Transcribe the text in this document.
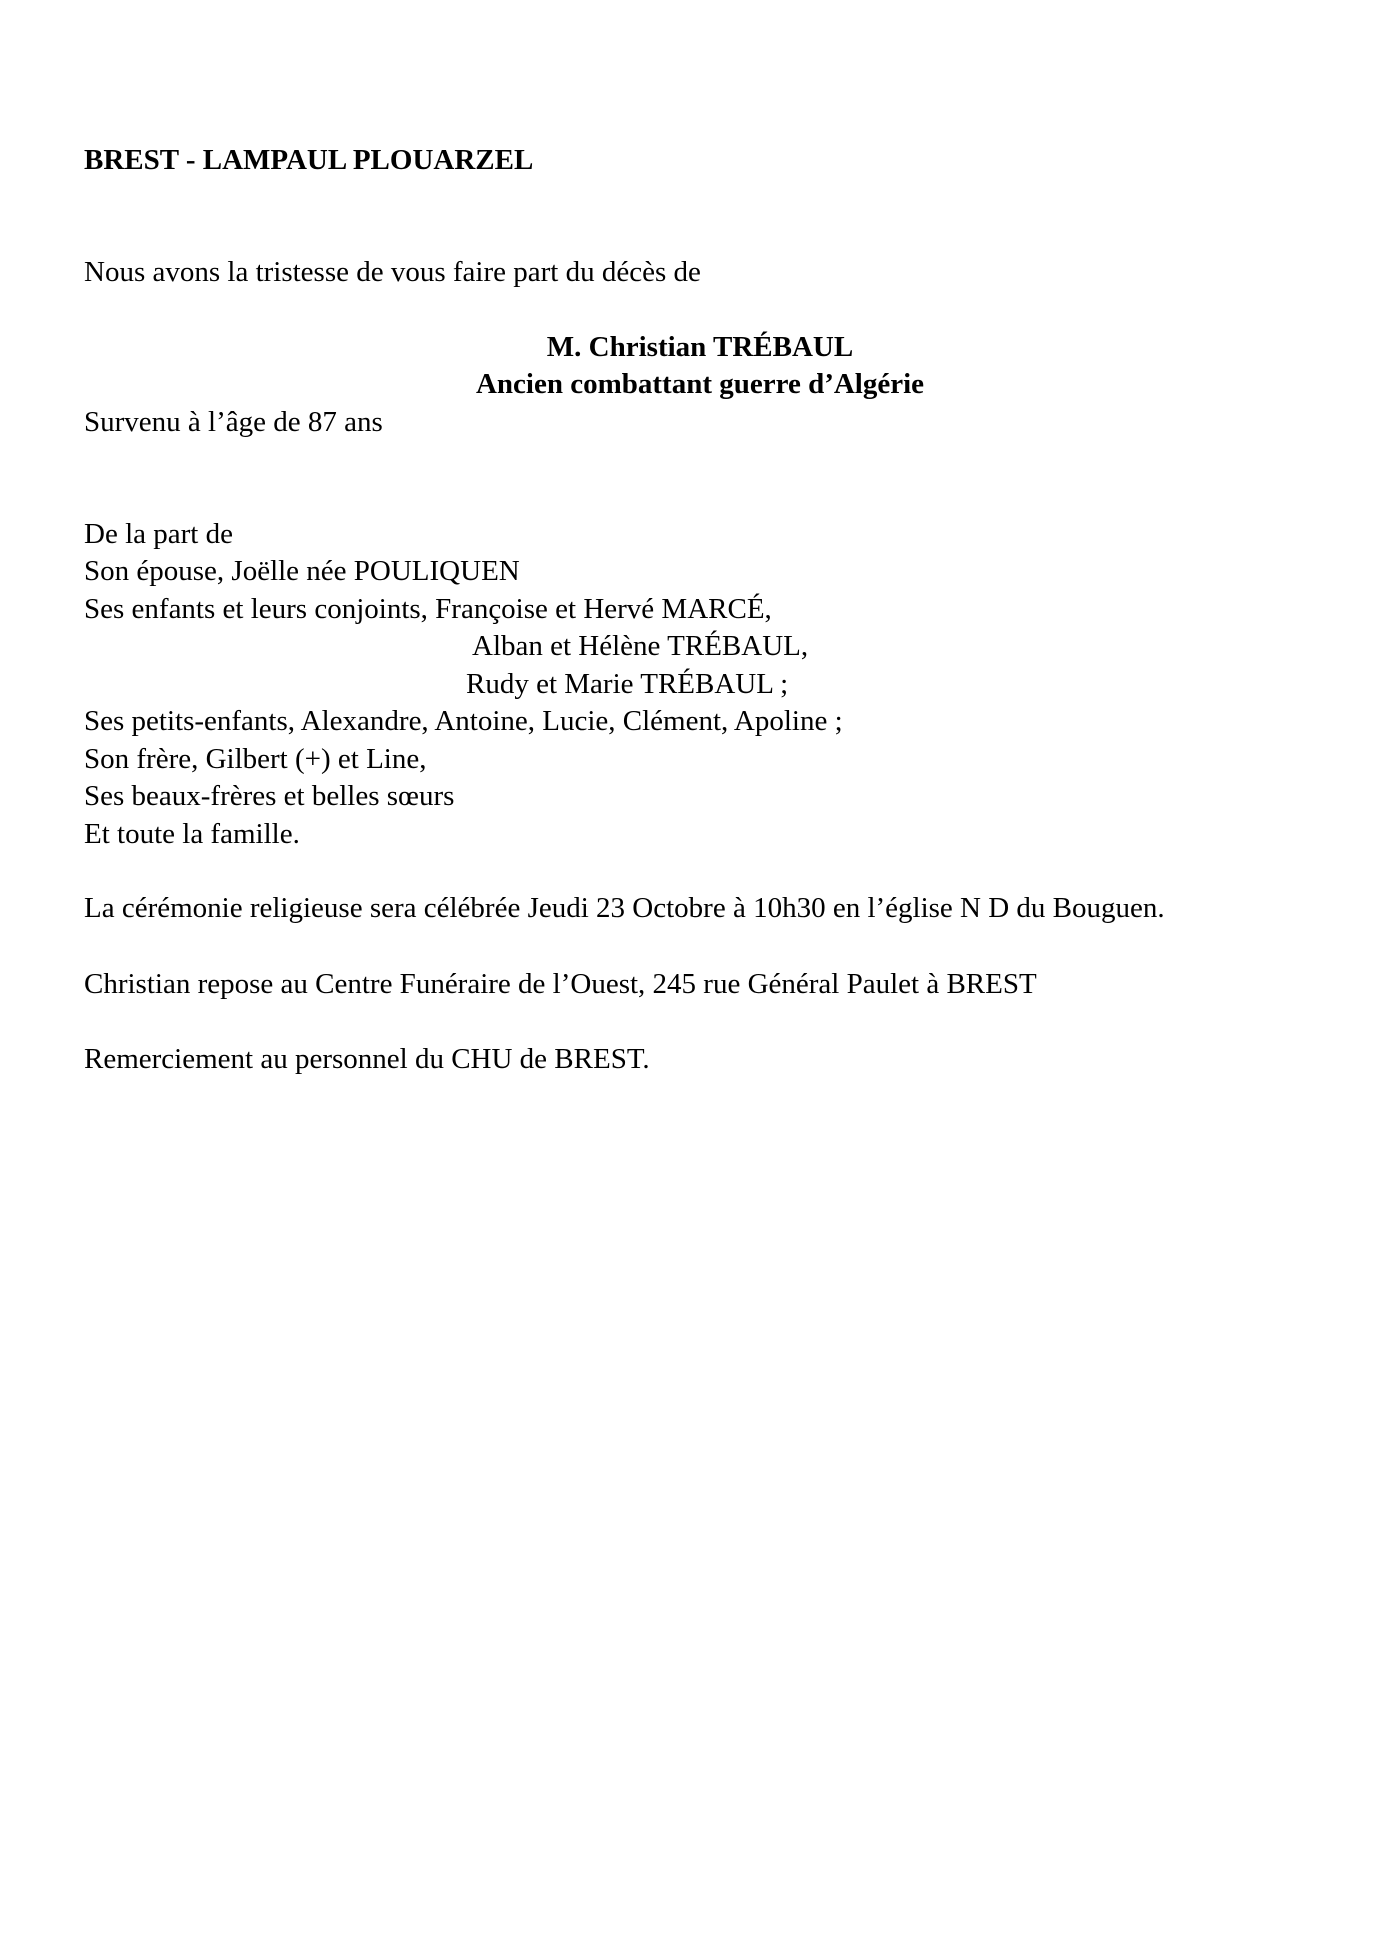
BREST - LAMPAUL PLOUARZEL
Nous avons la tristesse de vous faire part du décès de
M. Christian TRÉBAUL
Ancien combattant guerre d’Algérie
Survenu à l’âge de 87 ans
De la part de
Son épouse, Joëlle née POULIQUEN
Ses enfants et leurs conjoints, Françoise et Hervé MARCÉ,
Alban et Hélène TRÉBAUL,
Rudy et Marie TRÉBAUL ;
Ses petits-enfants, Alexandre, Antoine, Lucie, Clément, Apoline ;
Son frère, Gilbert (+) et Line,
Ses beaux-frères et belles sœurs
Et toute la famille.
La cérémonie religieuse sera célébrée Jeudi 23 Octobre à 10h30 en l’église N D du Bouguen.
Christian repose au Centre Funéraire de l’Ouest, 245 rue Général Paulet à BREST
Remerciement au personnel du CHU de BREST.
